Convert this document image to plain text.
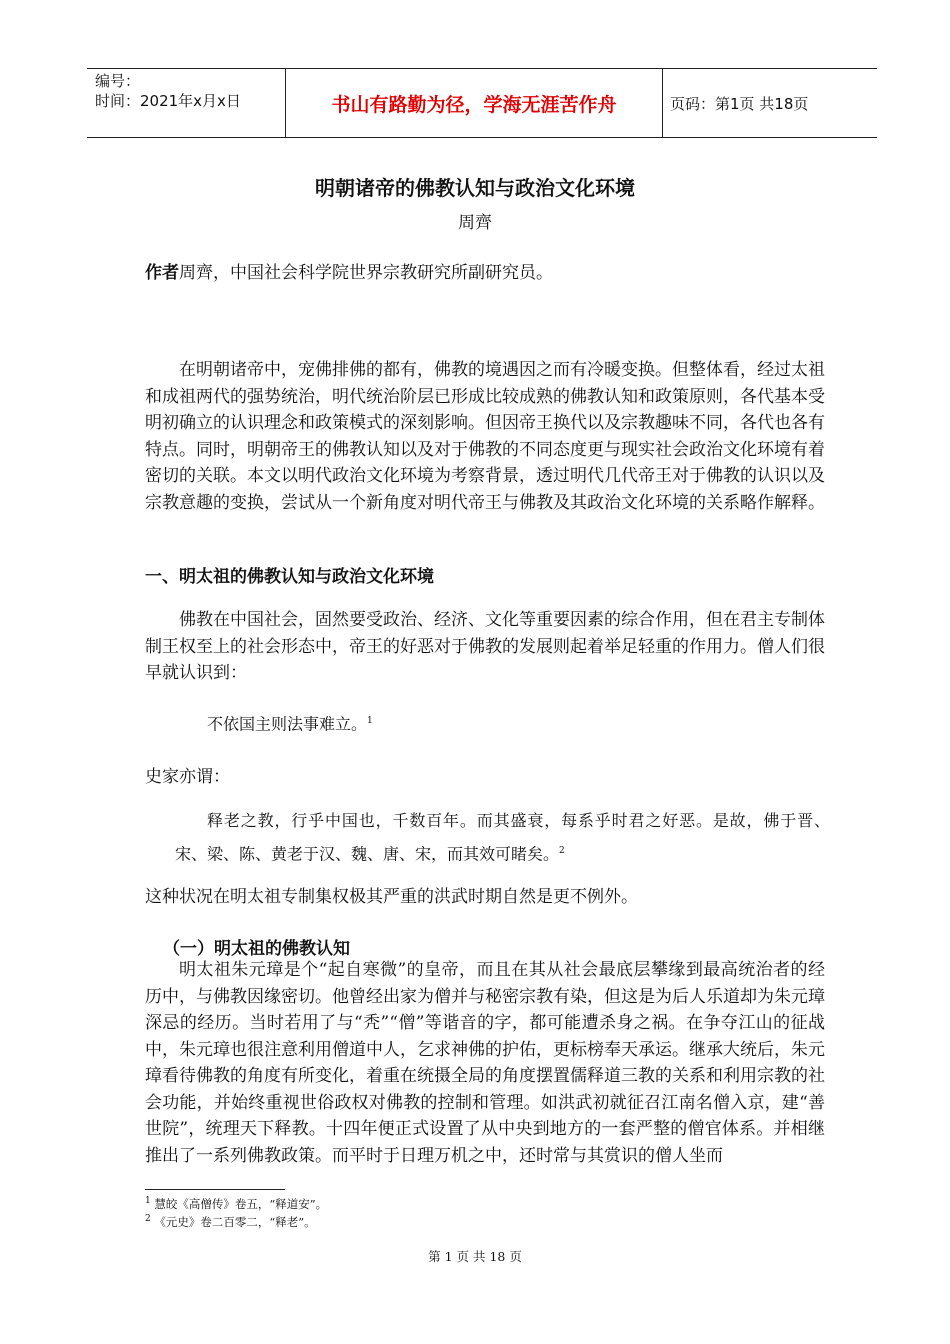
编号：
时间：2021年x月x日	书山有路勤为径，学海无涯苦作舟	页码：第1页 共18页
明朝诸帝的佛教认知与政治文化环境
周齊
作者周齊，中国社会科学院世界宗教研究所副研究员。
在明朝诸帝中，宠佛排佛的都有，佛教的境遇因之而有冷暖变换。但整体看，经过太祖和成祖两代的强势统治，明代统治阶层已形成比较成熟的佛教认知和政策原则，各代基本受明初确立的认识理念和政策模式的深刻影响。但因帝王换代以及宗教趣味不同，各代也各有特点。同时，明朝帝王的佛教认知以及对于佛教的不同态度更与现实社会政治文化环境有着密切的关联。本文以明代政治文化环境为考察背景，透过明代几代帝王对于佛教的认识以及宗教意趣的变换，尝试从一个新角度对明代帝王与佛教及其政治文化环境的关系略作解释。
一、明太祖的佛教认知与政治文化环境
佛教在中国社会，固然要受政治、经济、文化等重要因素的综合作用，但在君主专制体制王权至上的社会形态中，帝王的好恶对于佛教的发展则起着举足轻重的作用力。僧人们很早就认识到：
不依国主则法事难立。$^1$
史家亦谓：
释老之教，行乎中国也，千数百年。而其盛衰，每系乎时君之好恶。是故，佛于晋、宋、梁、陈、黄老于汉、魏、唐、宋，而其效可睹矣。$^2$
这种状况在明太祖专制集权极其严重的洪武时期自然是更不例外。
（一）明太祖的佛教认知
明太祖朱元璋是个“起自寒微”的皇帝，而且在其从社会最底层攀缘到最高统治者的经历中，与佛教因缘密切。他曾经出家为僧并与秘密宗教有染，但这是为后人乐道却为朱元璋深忌的经历。当时若用了与“秃”“僧”等谐音的字，都可能遭杀身之祸。在争夺江山的征战中，朱元璋也很注意利用僧道中人，乞求神佛的护佑，更标榜奉天承运。继承大统后，朱元璋看待佛教的角度有所变化，着重在统摄全局的角度摆置儒释道三教的关系和利用宗教的社会功能，并始终重视世俗政权对佛教的控制和管理。如洪武初就征召江南名僧入京，建“善世院”，统理天下释教。十四年便正式设置了从中央到地方的一套严整的僧官体系。并相继推出了一系列佛教政策。而平时于日理万机之中，还时常与其赏识的僧人坐而
$^1$ 慧皎《高僧传》卷五，“释道安”。
$^2$ 《元史》卷二百零二，“释老”。
第 1 页 共 18 页
